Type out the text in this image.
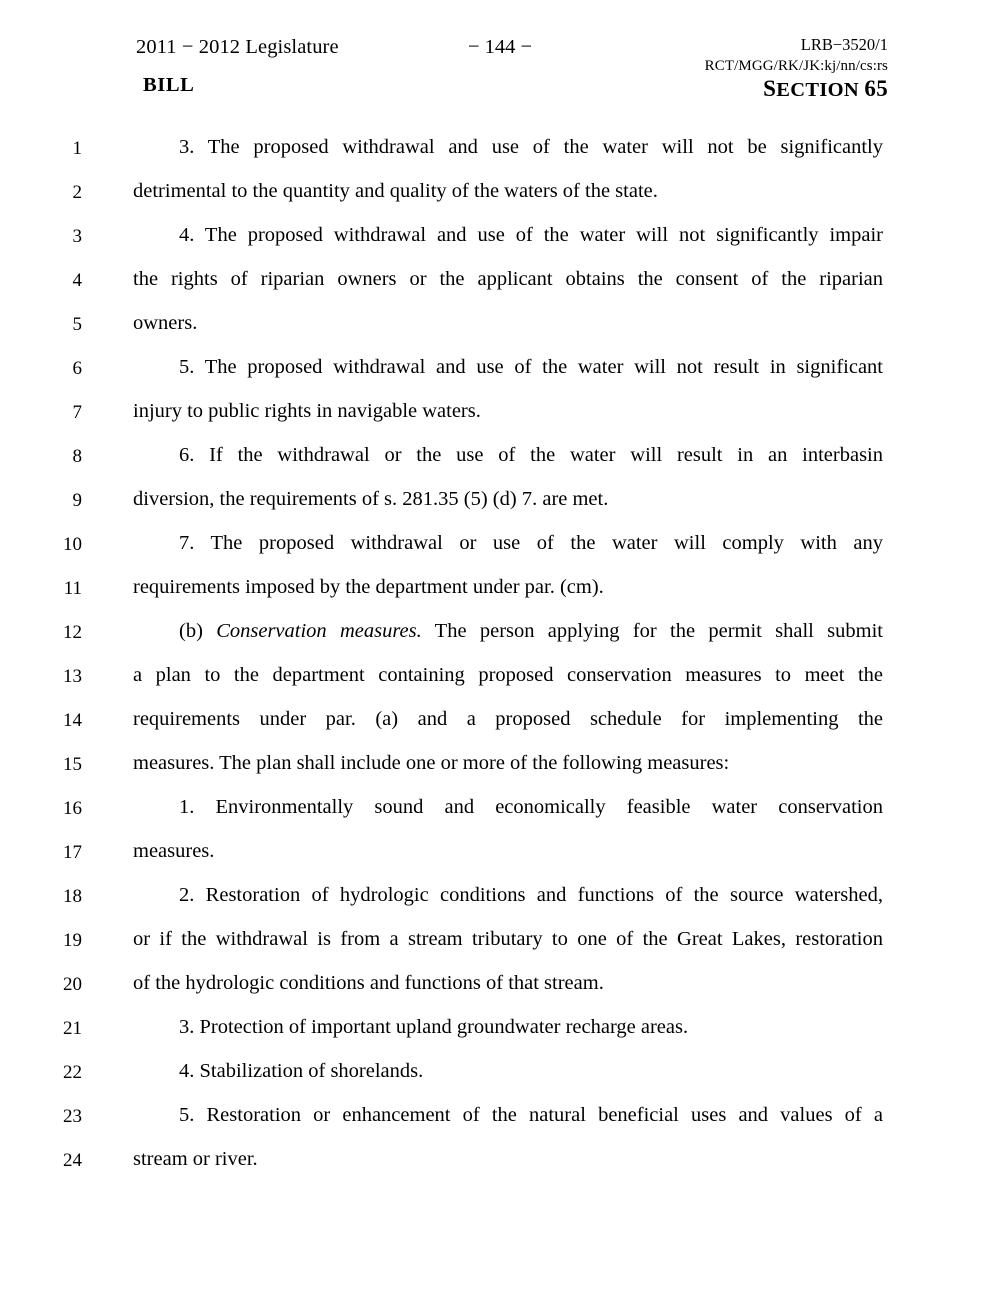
2011 − 2012 Legislature
BILL
− 144 −	LRB−3520/1
RCT/MGG/RK/JK:kj/nn/cs:rs
SECTION 65
1	3. The proposed withdrawal and use of the water will not be significantly
2 detrimental to the quantity and quality of the waters of the state.
3	4. The proposed withdrawal and use of the water will not significantly impair
4 the rights of riparian owners or the applicant obtains the consent of the riparian
5 owners.
6	5. The proposed withdrawal and use of the water will not result in significant
7 injury to public rights in navigable waters.
8	6. If the withdrawal or the use of the water will result in an interbasin
9 diversion, the requirements of s. 281.35 (5) (d) 7. are met.
10	7. The proposed withdrawal or use of the water will comply with any
11 requirements imposed by the department under par. (cm).
12	(b) Conservation measures. The person applying for the permit shall submit
13 a plan to the department containing proposed conservation measures to meet the
14 requirements under par. (a) and a proposed schedule for implementing the
15 measures. The plan shall include one or more of the following measures:
16	1. Environmentally sound and economically feasible water conservation
17 measures.
18	2. Restoration of hydrologic conditions and functions of the source watershed,
19 or if the withdrawal is from a stream tributary to one of the Great Lakes, restoration
20 of the hydrologic conditions and functions of that stream.
21	3. Protection of important upland groundwater recharge areas.
22	4. Stabilization of shorelands.
23	5. Restoration or enhancement of the natural beneficial uses and values of a
24 stream or river.
